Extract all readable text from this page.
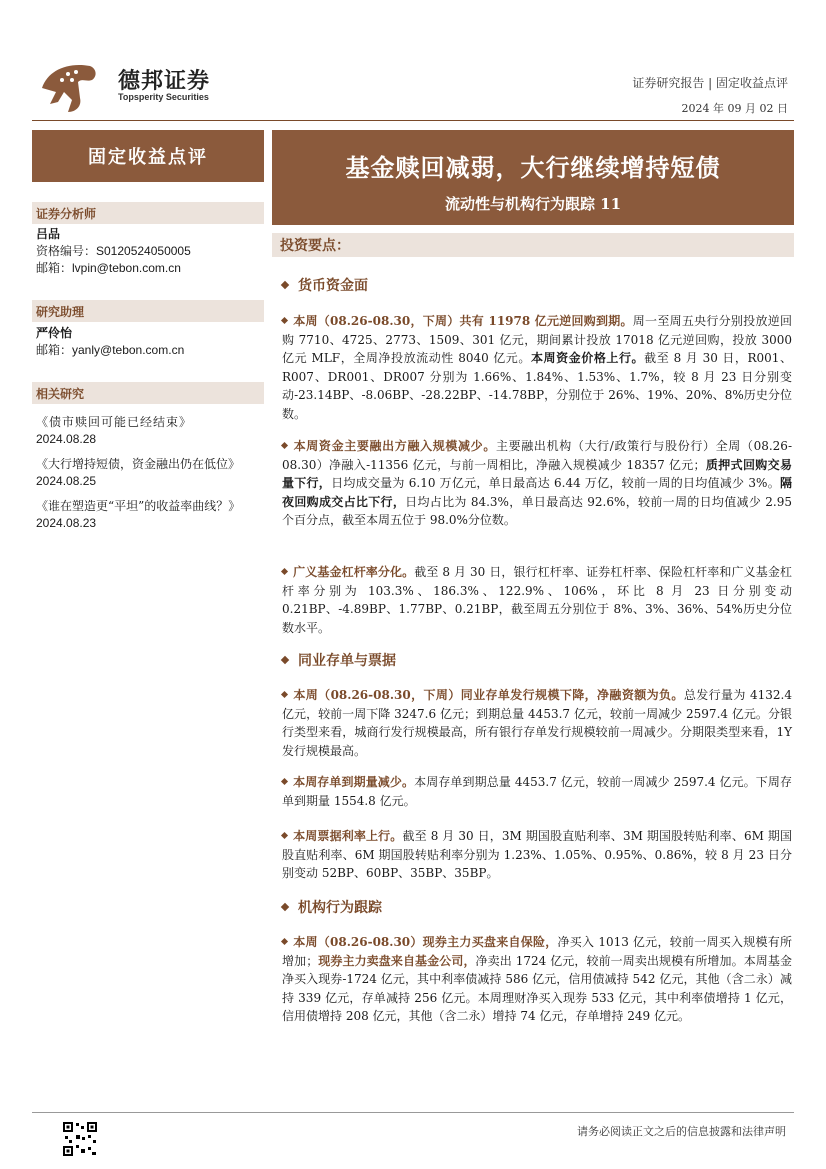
德邦证券
Topsperity Securities
证券研究报告 | 固定收益点评
2024 年 09 月 02 日
固定收益点评
证券分析师
吕品
资格编号：S0120524050005
邮箱：lvpin@tebon.com.cn
研究助理
严伶怡
邮箱：yanly@tebon.com.cn
相关研究
《债市赎回可能已经结束》
2024.08.28
《大行增持短债，资金融出仍在低位》 2024.08.25
《谁在塑造更“平坦”的收益率曲线？》 2024.08.23
基金赎回减弱，大行继续增持短债
流动性与机构行为跟踪 11
投资要点：
货币资金面
本周（08.26-08.30，下周）共有 11978 亿元逆回购到期。周一至周五央行分别投放逆回购 7710、4725、2773、1509、301 亿元，期间累计投放 17018 亿元逆回购，投放 3000 亿元 MLF，全周净投放流动性 8040 亿元。本周资金价格上行。截至 8 月 30 日，R001、R007、DR001、DR007 分别为 1.66%、1.84%、1.53%、1.7%，较 8 月 23 日分别变动-23.14BP、-8.06BP、-28.22BP、-14.78BP，分别位于 26%、19%、20%、8%历史分位数。
本周资金主要融出方融入规模减少。主要融出机构（大行/政策行与股份行）全周（08.26-08.30）净融入-11356 亿元，与前一周相比，净融入规模减少 18357 亿元；质押式回购交易量下行，日均成交量为 6.10 万亿元，单日最高达 6.44 万亿，较前一周的日均值减少 3%。隔夜回购成交占比下行，日均占比为 84.3%，单日最高达 92.6%，较前一周的日均值减少 2.95 个百分点，截至本周五位于 98.0%分位数。
广义基金杠杆率分化。截至 8 月 30 日，银行杠杆率、证券杠杆率、保险杠杆率和广义基金杠杆率分别为 103.3%、186.3%、122.9%、106%，环比 8 月 23 日分别变动 0.21BP、-4.89BP、1.77BP、0.21BP，截至周五分别位于 8%、3%、36%、54%历史分位数水平。
同业存单与票据
本周（08.26-08.30，下周）同业存单发行规模下降，净融资额为负。总发行量为 4132.4 亿元，较前一周下降 3247.6 亿元；到期总量 4453.7 亿元，较前一周减少 2597.4 亿元。分银行类型来看，城商行发行规模最高，所有银行存单发行规模较前一周减少。分期限类型来看，1Y 发行规模最高。
本周存单到期量减少。本周存单到期总量 4453.7 亿元，较前一周减少 2597.4 亿元。下周存单到期量 1554.8 亿元。
本周票据利率上行。截至 8 月 30 日，3M 期国股直贴利率、3M 期国股转贴利率、6M 期国股直贴利率、6M 期国股转贴利率分别为 1.23%、1.05%、0.95%、0.86%，较 8 月 23 日分别变动 52BP、60BP、35BP、35BP。
机构行为跟踪
本周（08.26-08.30）现券主力买盘来自保险，净买入 1013 亿元，较前一周买入规模有所增加；现券主力卖盘来自基金公司，净卖出 1724 亿元，较前一周卖出规模有所增加。本周基金净买入现券-1724 亿元，其中利率债减持 586 亿元，信用债减持 542 亿元，其他（含二永）减持 339 亿元，存单减持 256 亿元。本周理财净买入现券 533 亿元，其中利率债增持 1 亿元，信用债增持 208 亿元，其他（含二永）增持 74 亿元，存单增持 249 亿元。
请务必阅读正文之后的信息披露和法律声明
